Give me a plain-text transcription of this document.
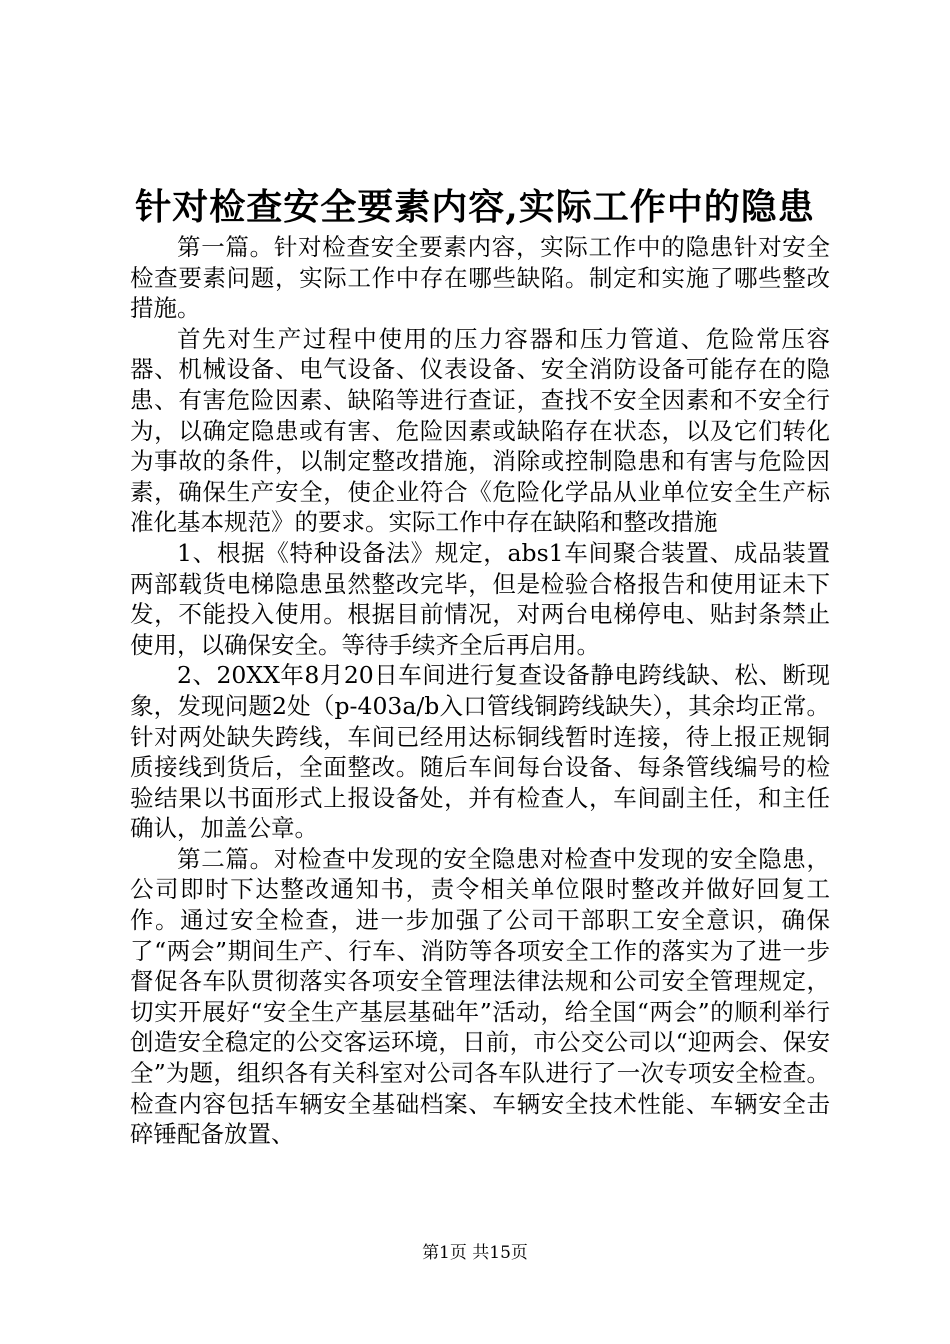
针对检查安全要素内容,实际工作中的隐患

第一篇。针对检查安全要素内容，实际工作中的隐患针对安全检查要素问题，实际工作中存在哪些缺陷。制定和实施了哪些整改措施。

首先对生产过程中使用的压力容器和压力管道、危险常压容器、机械设备、电气设备、仪表设备、安全消防设备可能存在的隐患、有害危险因素、缺陷等进行查证，查找不安全因素和不安全行为，以确定隐患或有害、危险因素或缺陷存在状态，以及它们转化为事故的条件，以制定整改措施，消除或控制隐患和有害与危险因素，确保生产安全，使企业符合《危险化学品从业单位安全生产标准化基本规范》的要求。实际工作中存在缺陷和整改措施

1、根据《特种设备法》规定，abs1车间聚合装置、成品装置两部载货电梯隐患虽然整改完毕，但是检验合格报告和使用证未下发，不能投入使用。根据目前情况，对两台电梯停电、贴封条禁止使用，以确保安全。等待手续齐全后再启用。

2、20XX年8月20日车间进行复查设备静电跨线缺、松、断现象，发现问题2处（p-403a/b入口管线铜跨线缺失），其余均正常。针对两处缺失跨线，车间已经用达标铜线暂时连接，待上报正规铜质接线到货后，全面整改。随后车间每台设备、每条管线编号的检验结果以书面形式上报设备处，并有检查人，车间副主任，和主任确认，加盖公章。

第二篇。对检查中发现的安全隐患对检查中发现的安全隐患，公司即时下达整改通知书，责令相关单位限时整改并做好回复工作。通过安全检查，进一步加强了公司干部职工安全意识，确保了“两会”期间生产、行车、消防等各项安全工作的落实为了进一步督促各车队贯彻落实各项安全管理法律法规和公司安全管理规定，切实开展好“安全生产基层基础年”活动，给全国“两会”的顺利举行创造安全稳定的公交客运环境，日前，市公交公司以“迎两会、保安全”为题，组织各有关科室对公司各车队进行了一次专项安全检查。检查内容包括车辆安全基础档案、车辆安全技术性能、车辆安全击碎锤配备放置、

第1页 共15页
